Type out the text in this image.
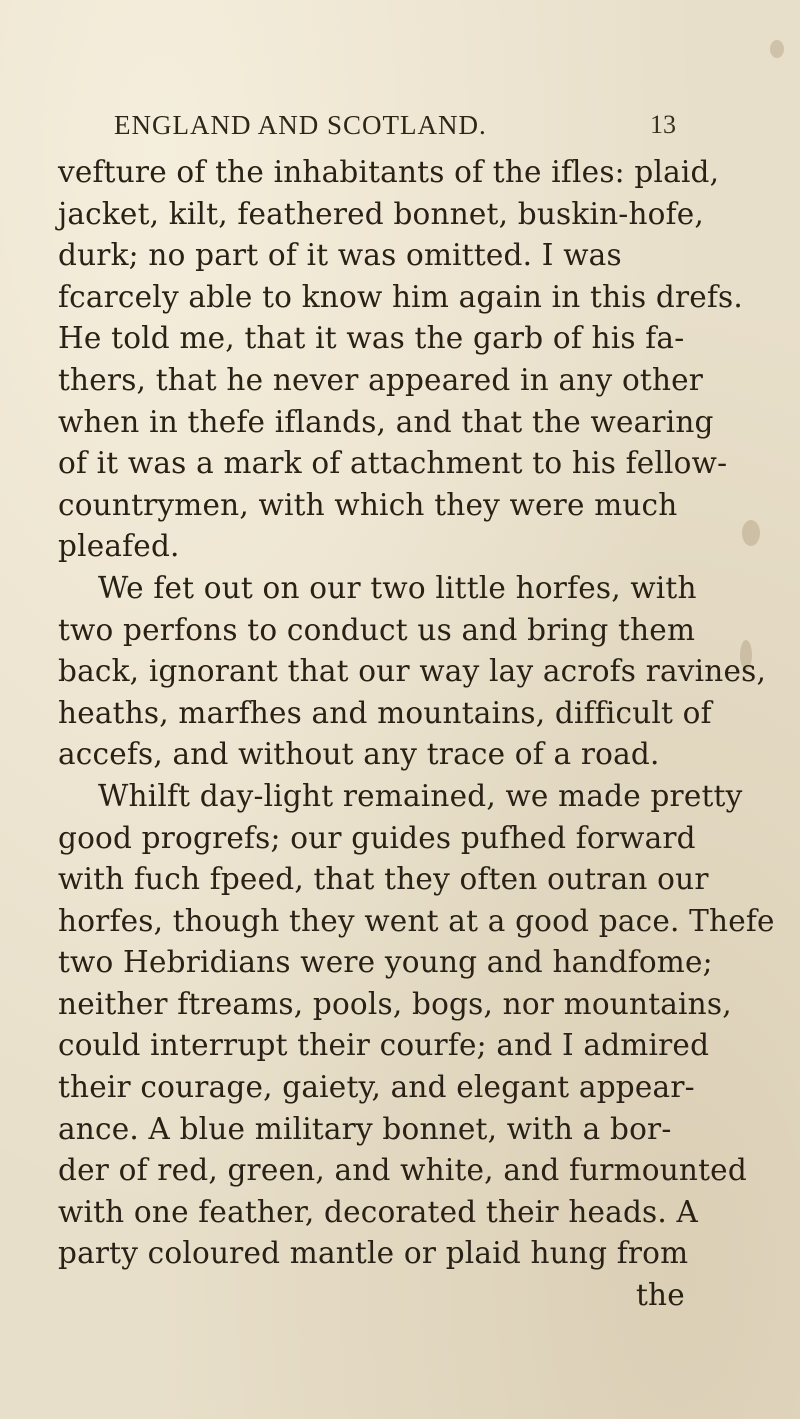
ENGLAND AND SCOTLAND.	13
vefture of the inhabitants of the ifles: plaid,
jacket, kilt, feathered bonnet, buskin-hofe,
durk; no part of it was omitted. I was
fcarcely able to know him again in this drefs.
He told me, that it was the garb of his fa-
thers, that he never appeared in any other
when in thefe iflands, and that the wearing
of it was a mark of attachment to his fellow-
countrymen, with which they were much
pleafed.
We fet out on our two little horfes, with
two perfons to conduct us and bring them
back, ignorant that our way lay acrofs ravines,
heaths, marfhes and mountains, difficult of
accefs, and without any trace of a road.
Whilft day-light remained, we made pretty
good progrefs; our guides pufhed forward
with fuch fpeed, that they often outran our
horfes, though they went at a good pace. Thefe
two Hebridians were young and handfome;
neither ftreams, pools, bogs, nor mountains,
could interrupt their courfe; and I admired
their courage, gaiety, and elegant appear-
ance. A blue military bonnet, with a bor-
der of red, green, and white, and furmounted
with one feather, decorated their heads. A
party coloured mantle or plaid hung from
the
